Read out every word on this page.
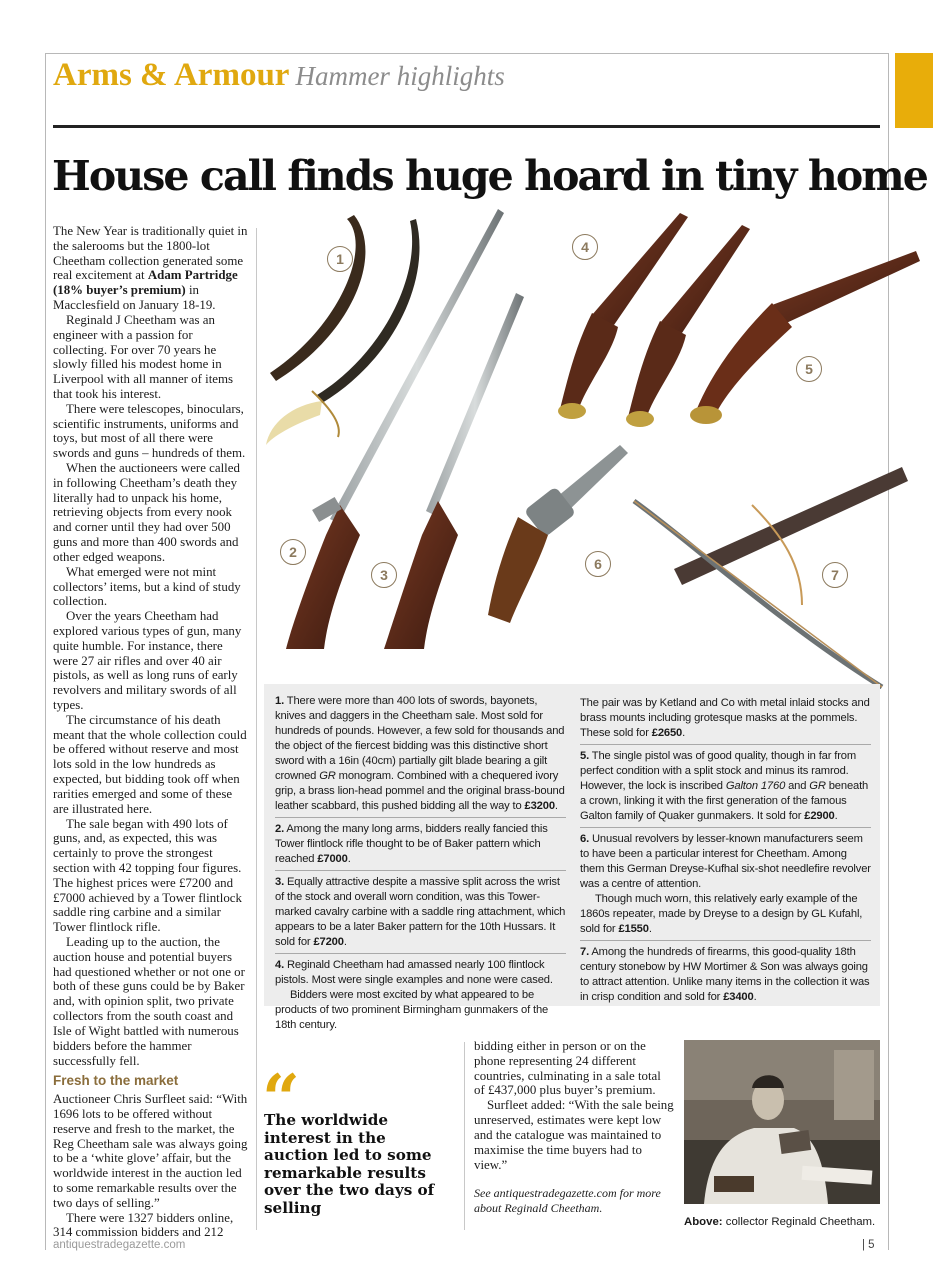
Arms & Armour Hammer highlights
House call finds huge hoard in tiny home

The New Year is traditionally quiet in the salerooms but the 1800-lot Cheetham collection generated some real excitement at Adam Partridge (18% buyer’s premium) in Macclesfield on January 18-19.

Reginald J Cheetham was an engineer with a passion for collecting. For over 70 years he slowly filled his modest home in Liverpool with all manner of items that took his interest.

There were telescopes, binoculars, scientific instruments, uniforms and toys, but most of all there were swords and guns – hundreds of them.

When the auctioneers were called in following Cheetham’s death they literally had to unpack his home, retrieving objects from every nook and corner until they had over 500 guns and more than 400 swords and other edged weapons.

What emerged were not mint collectors’ items, but a kind of study collection.

Over the years Cheetham had explored various types of gun, many quite humble. For instance, there were 27 air rifles and over 40 air pistols, as well as long runs of early revolvers and military swords of all types.

The circumstance of his death meant that the whole collection could be offered without reserve and most lots sold in the low hundreds as expected, but bidding took off when rarities emerged and some of these are illustrated here.

The sale began with 490 lots of guns, and, as expected, this was certainly to prove the strongest section with 42 topping four figures. The highest prices were £7200 and £7000 achieved by a Tower flintlock saddle ring carbine and a similar Tower flintlock rifle.

Leading up to the auction, the auction house and potential buyers had questioned whether or not one or both of these guns could be by Baker and, with opinion split, two private collectors from the south coast and Isle of Wight battled with numerous bidders before the hammer successfully fell.

Fresh to the market

Auctioneer Chris Surfleet said: “With 1696 lots to be offered without reserve and fresh to the market, the Reg Cheetham sale was always going to be a ‘white glove’ affair, but the worldwide interest in the auction led to some remarkable results over the two days of selling.”

There were 1327 bidders online, 314 commission bidders and 212

1
2
3
4
5
6
7
1. There were more than 400 lots of swords, bayonets, knives and daggers in the Cheetham sale. Most sold for hundreds of pounds. However, a few sold for thousands and the object of the fiercest bidding was this distinctive short sword with a 16in (40cm) partially gilt blade bearing a gilt crowned GR monogram. Combined with a chequered ivory grip, a brass lion-head pommel and the original brass-bound leather scabbard, this pushed bidding all the way to £3200.
2. Among the many long arms, bidders really fancied this Tower flintlock rifle thought to be of Baker pattern which reached £7000.
3. Equally attractive despite a massive split across the wrist of the stock and overall worn condition, was this Tower-marked cavalry carbine with a saddle ring attachment, which appears to be a later Baker pattern for the 10th Hussars. It sold for £7200.
4. Reginald Cheetham had amassed nearly 100 flintlock pistols. Most were single examples and none were cased.
Bidders were most excited by what appeared to be products of two prominent Birmingham gunmakers of the 18th century.
The pair was by Ketland and Co with metal inlaid stocks and brass mounts including grotesque masks at the pommels. These sold for £2650.
5. The single pistol was of good quality, though in far from perfect condition with a split stock and minus its ramrod. However, the lock is inscribed Galton 1760 and GR beneath a crown, linking it with the first generation of the famous Galton family of Quaker gunmakers. It sold for £2900.
6. Unusual revolvers by lesser-known manufacturers seem to have been a particular interest for Cheetham. Among them this German Dreyse-Kufhal six-shot needlefire revolver was a centre of attention.
Though much worn, this relatively early example of the 1860s repeater, made by Dreyse to a design by GL Kufahl, sold for £1550.
7. Among the hundreds of firearms, this good-quality 18th century stonebow by HW Mortimer & Son was always going to attract attention. Unlike many items in the collection it was in crisp condition and sold for £3400.
“
The worldwide interest in the auction led to some remarkable results over the two days of selling

bidding either in person or on the phone representing 24 different countries, culminating in a sale total of £437,000 plus buyer’s premium.

Surfleet added: “With the sale being unreserved, estimates were kept low and the catalogue was maintained to maximise the time buyers had to view.”

See antiquestradegazette.com for more about Reginald Cheetham.

Above: collector Reginald Cheetham.
antiquestradegazette.com	| 5
